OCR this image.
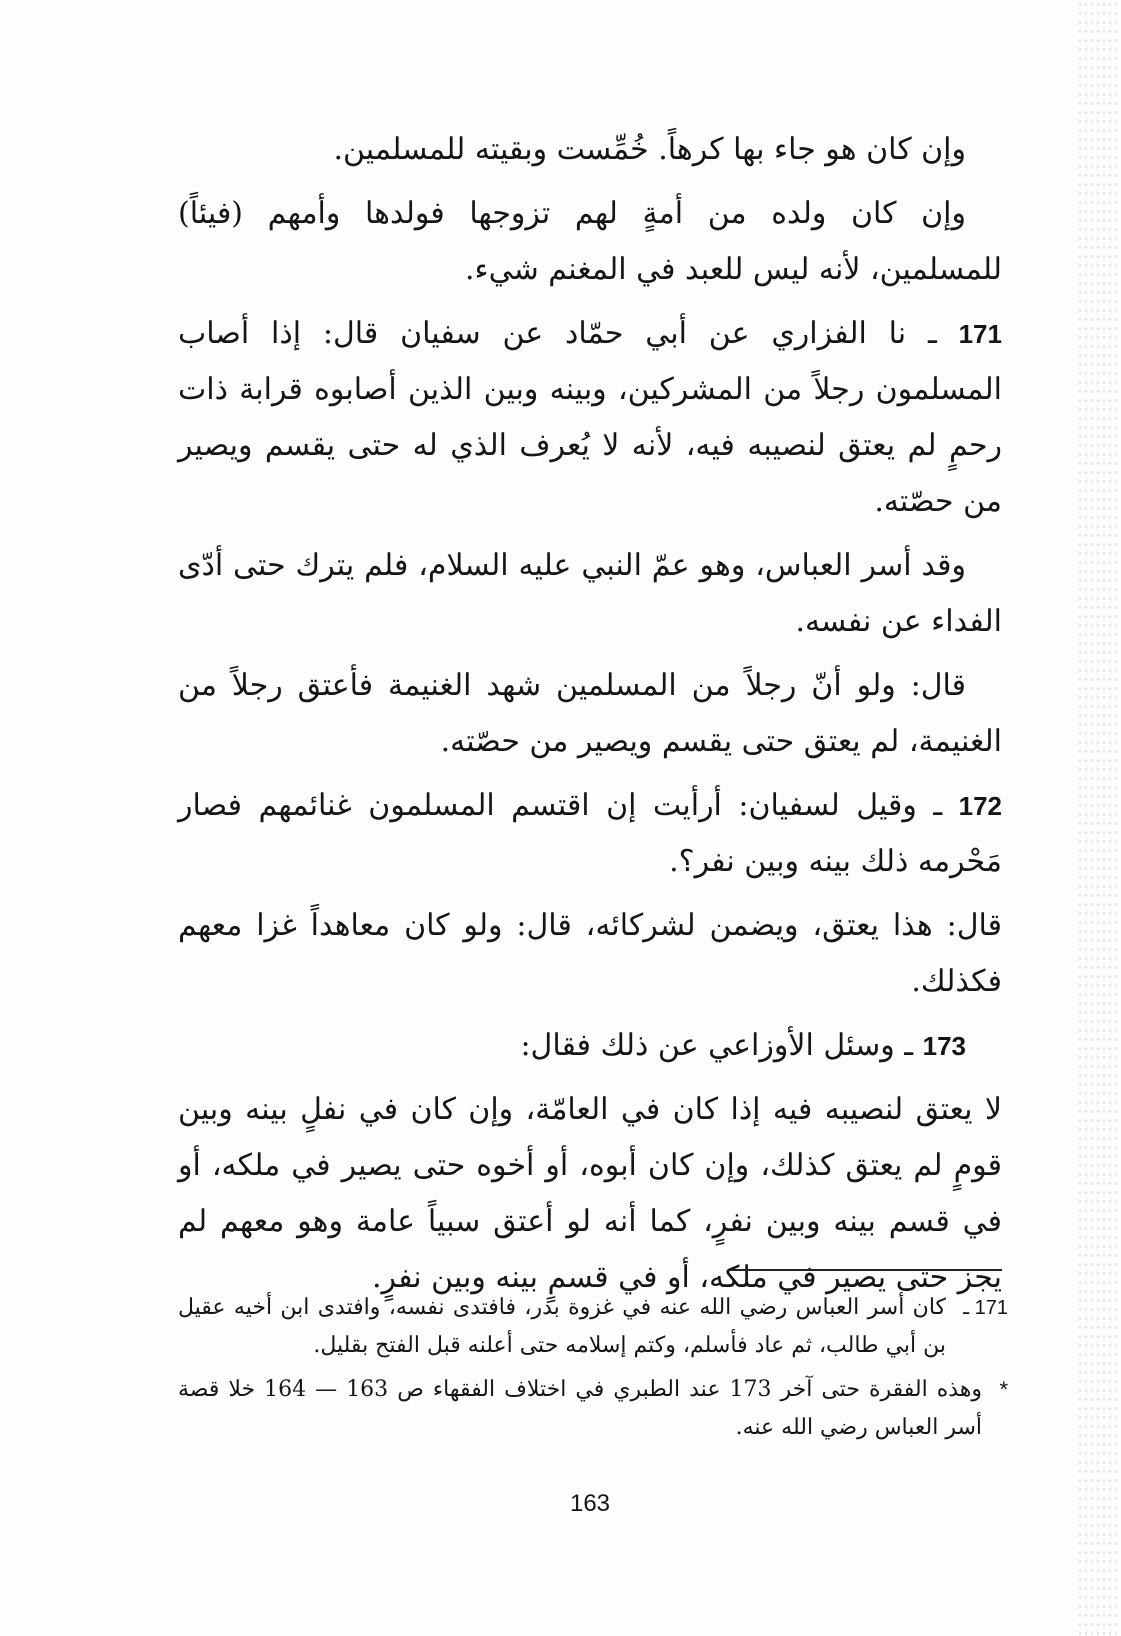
وإن كان هو جاء بها كرهاً. خُمِّست وبقيته للمسلمين.

وإن كان ولده من أمةٍ لهم تزوجها فولدها وأمهم (فيئاً) للمسلمين، لأنه ليس للعبد في المغنم شيء.

171 ـ نا الفزاري عن أبي حمّاد عن سفيان قال: إذا أصاب المسلمون رجلاً من المشركين، وبينه وبين الذين أصابوه قرابة ذات رحمٍ لم يعتق لنصيبه فيه، لأنه لا يُعرف الذي له حتى يقسم ويصير من حصّته.

وقد أسر العباس، وهو عمّ النبي عليه السلام، فلم يترك حتى أدّى الفداء عن نفسه.

قال: ولو أنّ رجلاً من المسلمين شهد الغنيمة فأعتق رجلاً من الغنيمة، لم يعتق حتى يقسم ويصير من حصّته.

172 ـ وقيل لسفيان: أرأيت إن اقتسم المسلمون غنائمهم فصار مَحْرمه ذلك بينه وبين نفر؟.

قال: هذا يعتق، ويضمن لشركائه، قال: ولو كان معاهداً غزا معهم فكذلك.

173 ـ وسئل الأوزاعي عن ذلك فقال:

لا يعتق لنصيبه فيه إذا كان في العامّة، وإن كان في نفلٍ بينه وبين قومٍ لم يعتق كذلك، وإن كان أبوه، أو أخوه حتى يصير في ملكه، أو في قسم بينه وبين نفرٍ، كما أنه لو أعتق سبياً عامة وهو معهم لم يجز حتى يصير في ملكه، أو في قسمٍ بينه وبين نفرٍ.

171 ـ
كان أسر العباس رضي الله عنه في غزوة بدر، فافتدى نفسه، وافتدى ابن أخيه عقيل بن أبي طالب، ثم عاد فأسلم، وكتم إسلامه حتى أعلنه قبل الفتح بقليل.
*
وهذه الفقرة حتى آخر 173 عند الطبري في اختلاف الفقهاء ص 163 — 164 خلا قصة أسر العباس رضي الله عنه.
163
